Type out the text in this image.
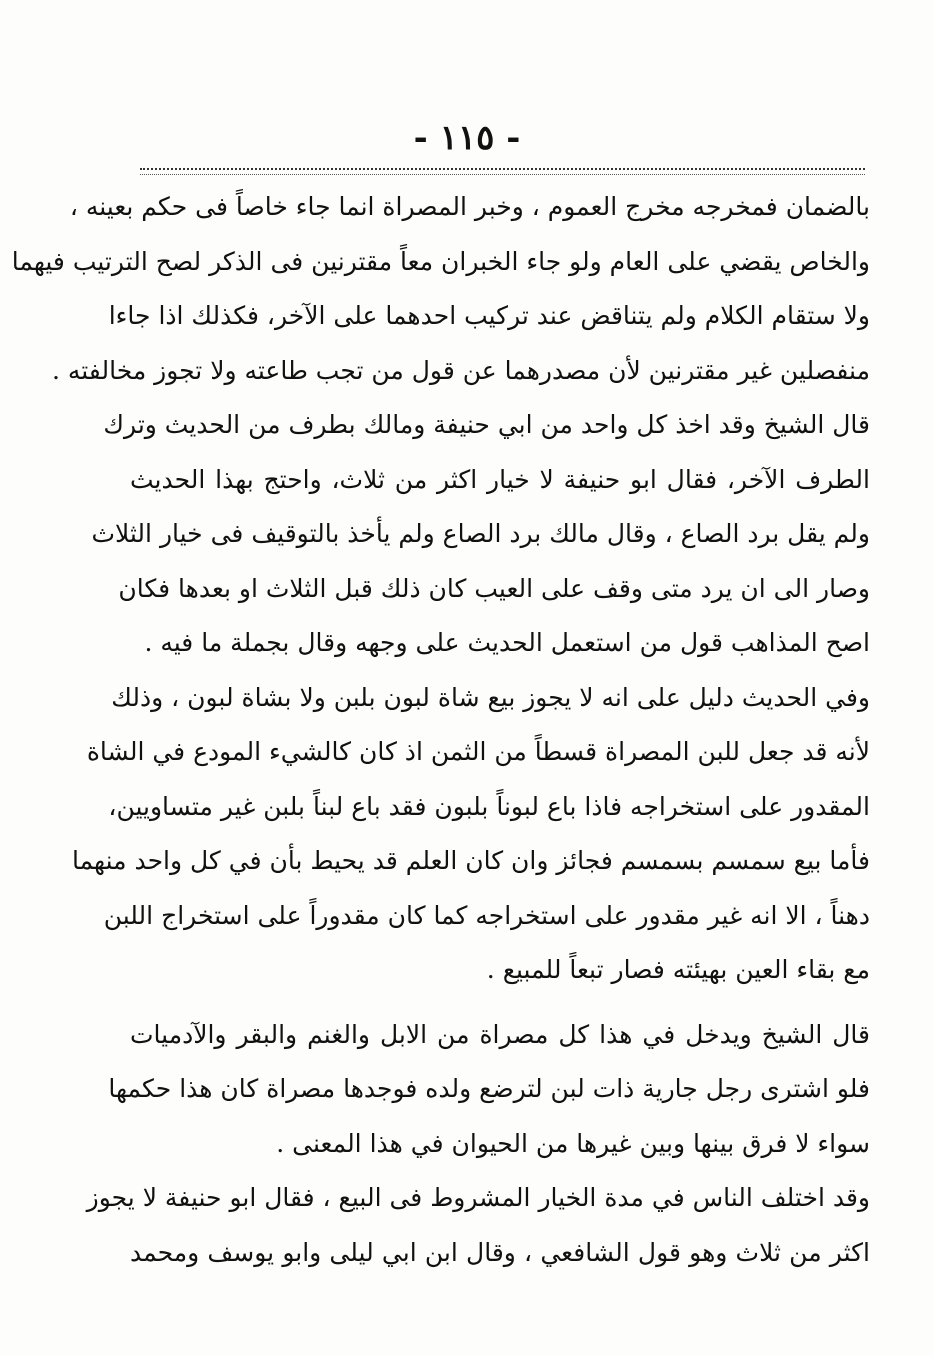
- ١١٥ -
بالضمان فمخرجه مخرج العموم ، وخبر المصراة انما جاء خاصاً فى حكم بعينه ،
والخاص يقضي على العام ولو جاء الخبران معاً مقترنين فى الذكر لصح الترتيب فيهما
ولا ستقام الكلام ولم يتناقض عند تركيب احدهما على الآخر، فكذلك اذا جاءا
منفصلين غير مقترنين لأن مصدرهما عن قول من تجب طاعته ولا تجوز مخالفته .
قال الشيخ وقد اخذ كل واحد من ابي حنيفة ومالك بطرف من الحديث وترك
الطرف الآخر، فقال ابو حنيفة لا خيار اكثر من ثلاث، واحتج بهذا الحديث
ولم يقل برد الصاع ، وقال مالك برد الصاع ولم يأخذ بالتوقيف فى خيار الثلاث
وصار الى ان يرد متى وقف على العيب كان ذلك قبل الثلاث او بعدها فكان
اصح المذاهب قول من استعمل الحديث على وجهه وقال بجملة ما فيه .
وفي الحديث دليل على انه لا يجوز بيع شاة لبون بلبن ولا بشاة لبون ، وذلك
لأنه قد جعل للبن المصراة قسطاً من الثمن اذ كان كالشيء المودع في الشاة
المقدور على استخراجه فاذا باع لبوناً بلبون فقد باع لبناً بلبن غير متساويين،
فأما بيع سمسم بسمسم فجائز وان كان العلم قد يحيط بأن في كل واحد منهما
دهناً ، الا انه غير مقدور على استخراجه كما كان مقدوراً على استخراج اللبن
مع بقاء العين بهيئته فصار تبعاً للمبيع .
قال الشيخ ويدخل في هذا كل مصراة من الابل والغنم والبقر والآدميات
فلو اشترى رجل جارية ذات لبن لترضع ولده فوجدها مصراة كان هذا حكمها
سواء لا فرق بينها وبين غيرها من الحيوان في هذا المعنى .
وقد اختلف الناس في مدة الخيار المشروط فى البيع ، فقال ابو حنيفة لا يجوز
اكثر من ثلاث وهو قول الشافعي ، وقال ابن ابي ليلى وابو يوسف ومحمد
